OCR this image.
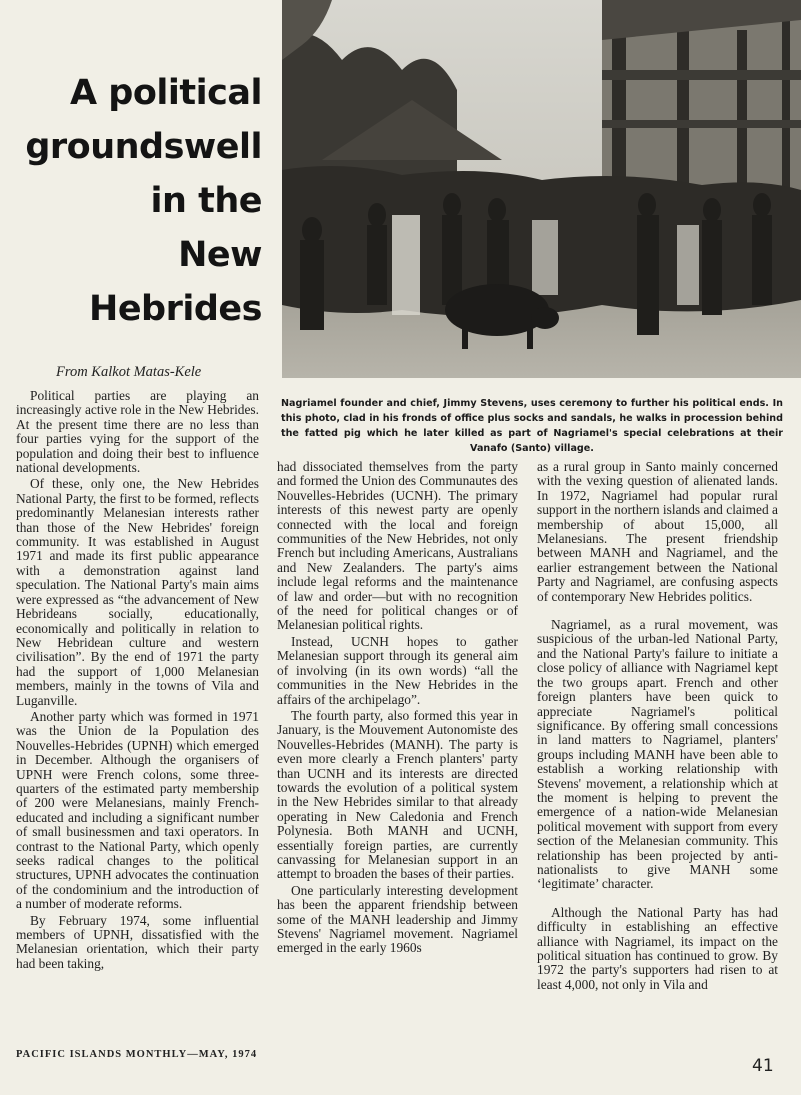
A political
groundswell
in the
New
Hebrides
From Kalkot Matas-Kele
Nagriamel founder and chief, Jimmy Stevens, uses ceremony to further his political ends. In this photo, clad in his fronds of office plus socks and sandals, he walks in procession behind the fatted pig which he later killed as part of Nagriamel's special celebrations at their Vanafo (Santo) village.

Political parties are playing an increasingly active role in the New Hebrides. At the present time there are no less than four parties vying for the support of the population and doing their best to influence national developments.

Of these, only one, the New Hebrides National Party, the first to be formed, reflects predominantly Melanesian interests rather than those of the New Hebrides' foreign community. It was established in August 1971 and made its first public appearance with a demonstration against land speculation. The National Party's main aims were expressed as “the advancement of New Hebrideans socially, educationally, economically and politically in relation to New Hebridean culture and western civilisation”. By the end of 1971 the party had the support of 1,000 Melanesian members, mainly in the towns of Vila and Luganville.

Another party which was formed in 1971 was the Union de la Population des Nouvelles-Hebrides (UPNH) which emerged in December. Although the organisers of UPNH were French colons, some three-quarters of the estimated party membership of 200 were Melanesians, mainly French-educated and including a significant number of small businessmen and taxi operators. In contrast to the National Party, which openly seeks radical changes to the political structures, UPNH advocates the continuation of the condominium and the introduction of a number of moderate reforms.

By February 1974, some influential members of UPNH, dissatisfied with the Melanesian orientation, which their party had been taking,

had dissociated themselves from the party and formed the Union des Communautes des Nouvelles-Hebrides (UCNH). The primary interests of this newest party are openly connected with the local and foreign communities of the New Hebrides, not only French but including Americans, Australians and New Zealanders. The party's aims include legal reforms and the maintenance of law and order—but with no recognition of the need for political changes or of Melanesian political rights.

Instead, UCNH hopes to gather Melanesian support through its general aim of involving (in its own words) “all the communities in the New Hebrides in the affairs of the archipelago”.

The fourth party, also formed this year in January, is the Mouvement Autonomiste des Nouvelles-Hebrides (MANH). The party is even more clearly a French planters' party than UCNH and its interests are directed towards the evolution of a political system in the New Hebrides similar to that already operating in New Caledonia and French Polynesia. Both MANH and UCNH, essentially foreign parties, are currently canvassing for Melanesian support in an attempt to broaden the bases of their parties.

One particularly interesting development has been the apparent friendship between some of the MANH leadership and Jimmy Stevens' Nagriamel movement. Nagriamel emerged in the early 1960s

as a rural group in Santo mainly concerned with the vexing question of alienated lands. In 1972, Nagriamel had popular rural support in the northern islands and claimed a membership of about 15,000, all Melanesians. The present friendship between MANH and Nagriamel, and the earlier estrangement between the National Party and Nagriamel, are confusing aspects of contemporary New Hebrides politics.

Nagriamel, as a rural movement, was suspicious of the urban-led National Party, and the National Party's failure to initiate a close policy of alliance with Nagriamel kept the two groups apart. French and other foreign planters have been quick to appreciate Nagriamel's political significance. By offering small concessions in land matters to Nagriamel, planters' groups including MANH have been able to establish a working relationship with Stevens' movement, a relationship which at the moment is helping to prevent the emergence of a nation-wide Melanesian political movement with support from every section of the Melanesian community. This relationship has been projected by anti-nationalists to give MANH some ‘legitimate’ character.

Although the National Party has had difficulty in establishing an effective alliance with Nagriamel, its impact on the political situation has continued to grow. By 1972 the party's supporters had risen to at least 4,000, not only in Vila and

PACIFIC ISLANDS MONTHLY—MAY, 1974
41
